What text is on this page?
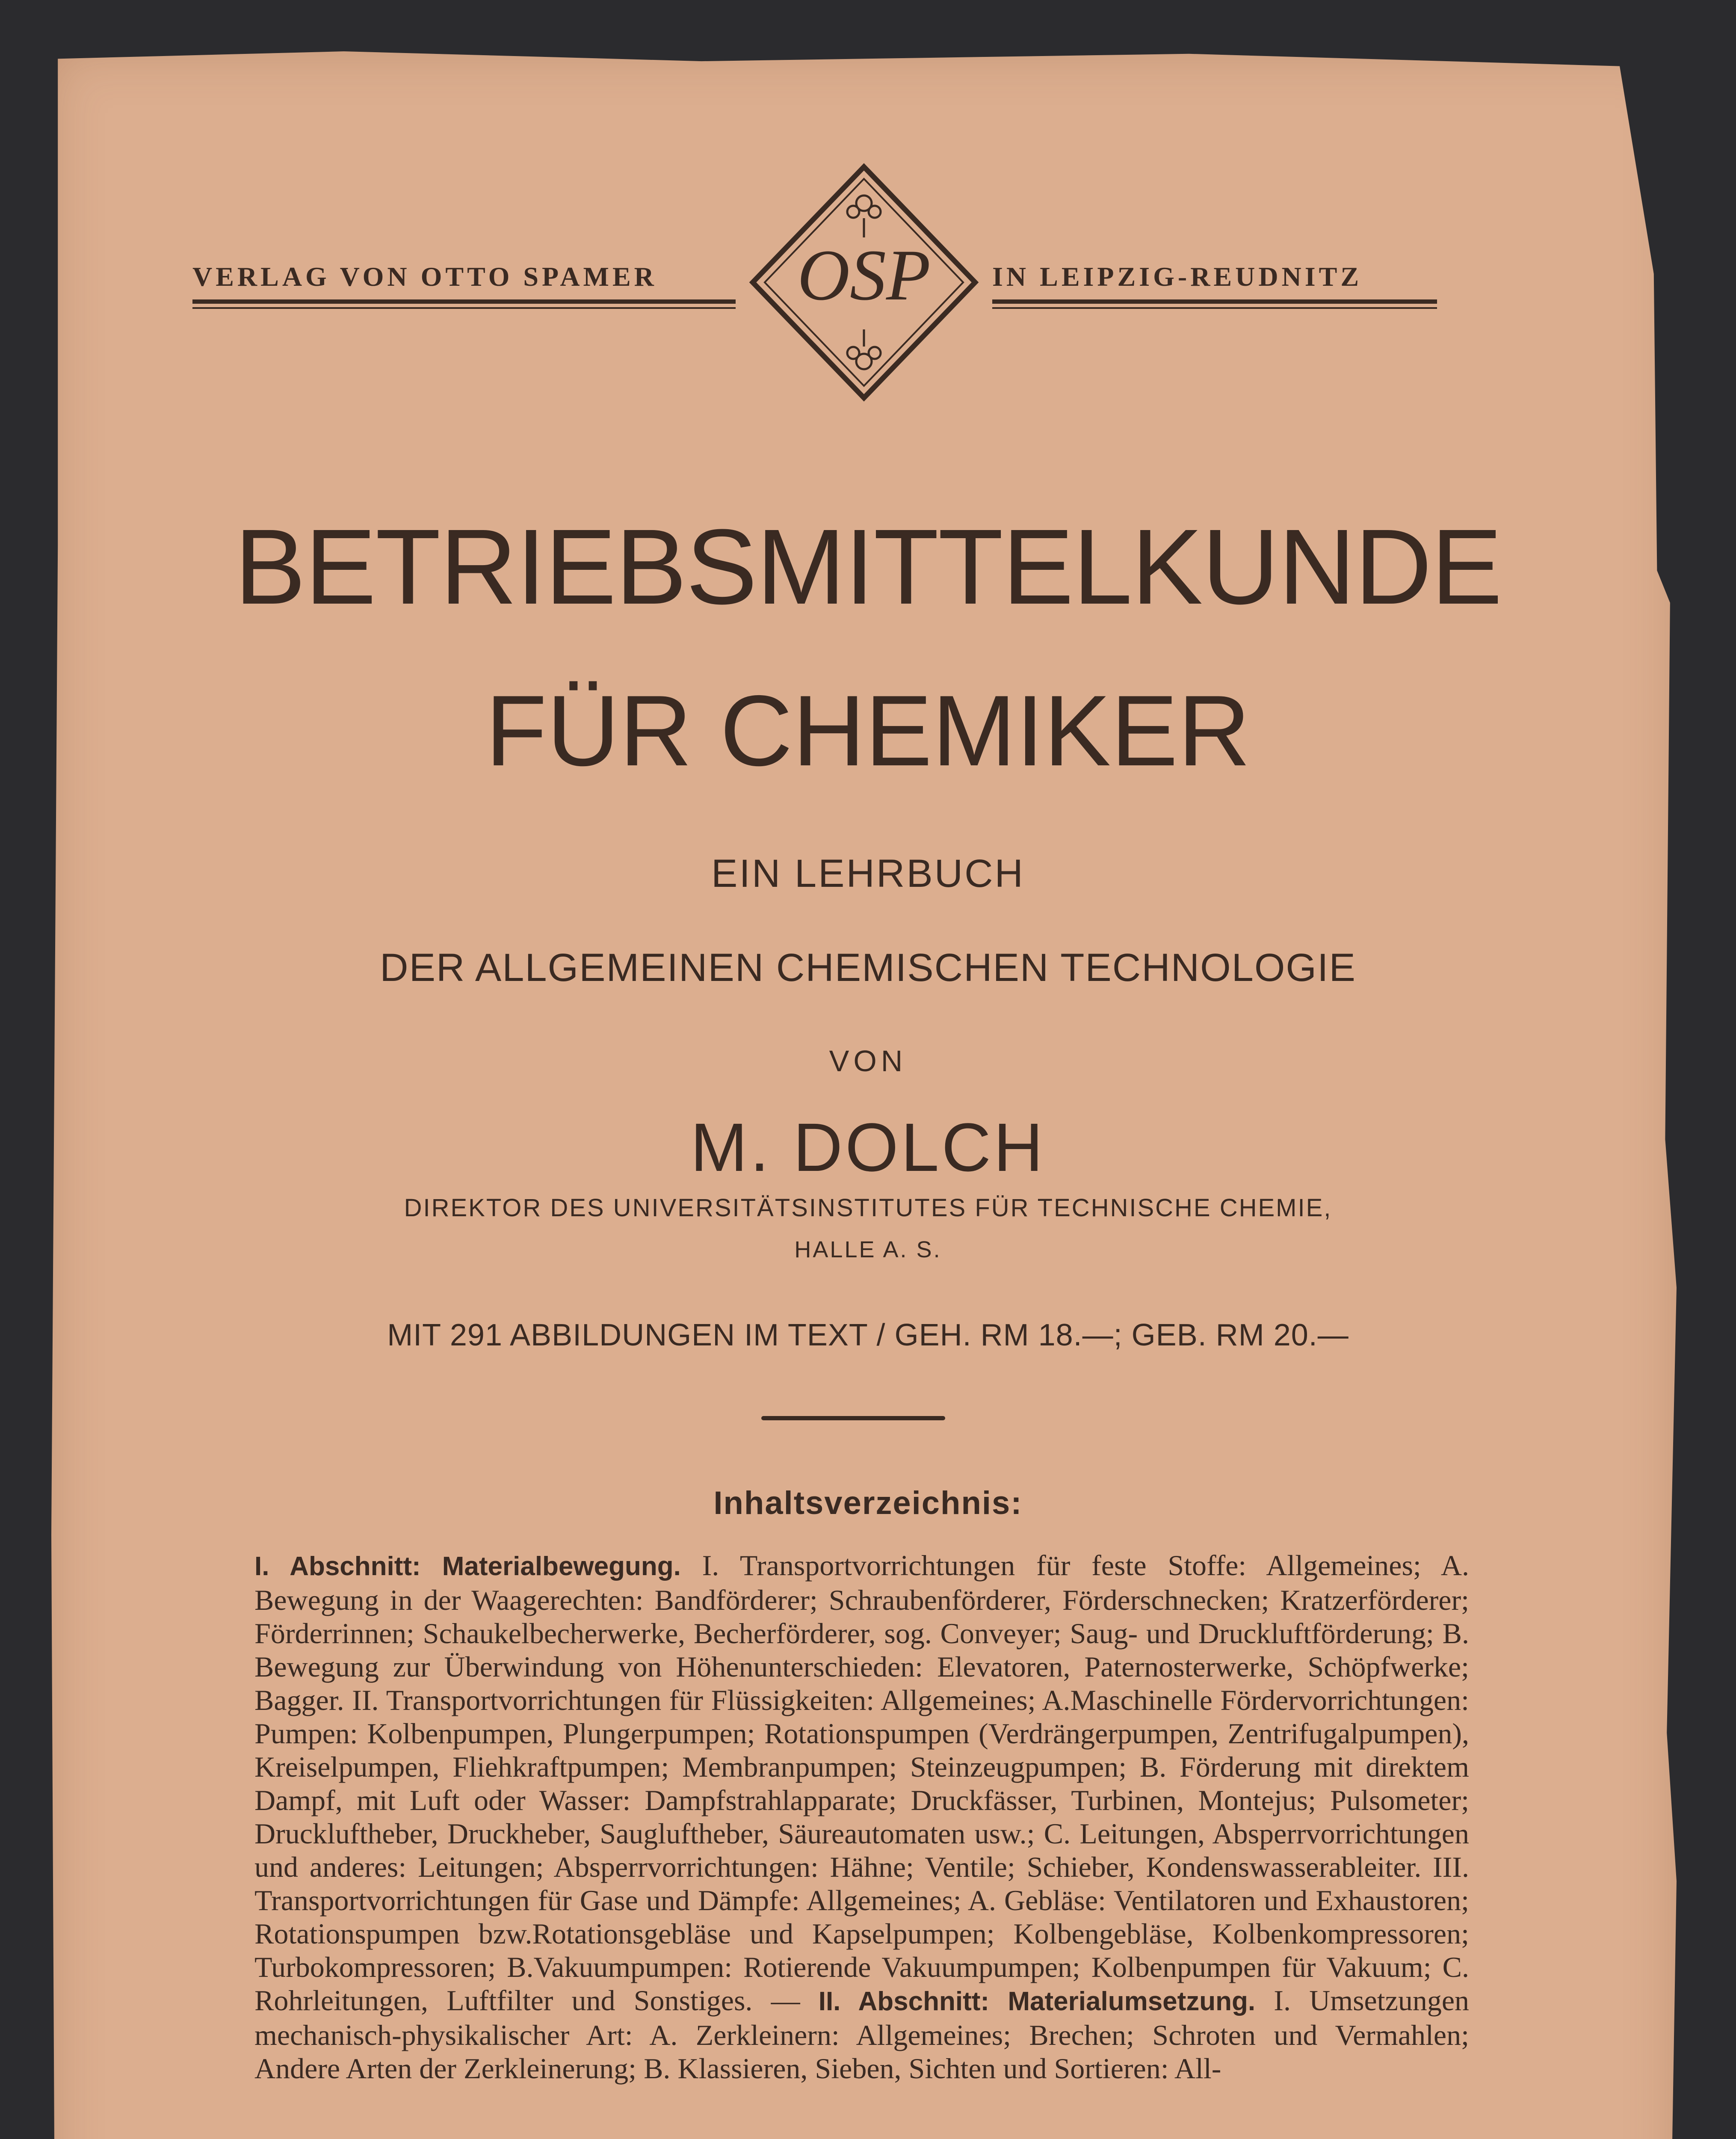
VERLAG VON OTTO SPAMER OSP IN LEIPZIG-REUDNITZ
BETRIEBSMITTELKUNDE
FÜR CHEMIKER
EIN LEHRBUCH
DER ALLGEMEINEN CHEMISCHEN TECHNOLOGIE
VON
M. DOLCH
DIREKTOR DES UNIVERSITÄTSINSTITUTES FÜR TECHNISCHE CHEMIE,
HALLE A. S.
MIT 291 ABBILDUNGEN IM TEXT / GEH. RM 18.—; GEB. RM 20.—
Inhaltsverzeichnis:
I. Abschnitt: Materialbewegung. I. Transportvorrichtungen für feste Stoffe: Allgemeines; A. Bewegung in der Waagerechten: Bandförderer; Schraubenförderer, Förderschnecken; Kratzerförderer; Förderrinnen; Schaukelbecherwerke, Becherförderer, sog. Conveyer; Saug- und Druckluftförderung; B. Bewegung zur Überwindung von Höhenunterschieden: Elevatoren, Paternosterwerke, Schöpfwerke; Bagger. II. Transportvorrichtungen für Flüssigkeiten: Allgemeines; A.Maschinelle Fördervorrichtungen: Pumpen: Kolbenpumpen, Plungerpumpen; Rotationspumpen (Verdrängerpumpen, Zentrifugalpumpen), Kreiselpumpen, Fliehkraftpumpen; Membranpumpen; Steinzeugpumpen; B. Förderung mit direktem Dampf, mit Luft oder Wasser: Dampfstrahlapparate; Druckfässer, Turbinen, Montejus; Pulsometer; Druckluftheber, Druckheber, Saugluftheber, Säureautomaten usw.; C. Leitungen, Absperrvorrichtungen und anderes: Leitungen; Absperrvorrichtungen: Hähne; Ventile; Schieber, Kondenswasserableiter. III. Transportvorrichtungen für Gase und Dämpfe: Allgemeines; A. Gebläse: Ventilatoren und Exhaustoren; Rotationspumpen bzw.Rotationsgebläse und Kapselpumpen; Kolbengebläse, Kolbenkompressoren; Turbokompressoren; B.Vakuumpumpen: Rotierende Vakuumpumpen; Kolbenpumpen für Vakuum; C. Rohrleitungen, Luftfilter und Sonstiges. — II. Abschnitt: Materialumsetzung. I. Umsetzungen mechanisch-physikalischer Art: A. Zerkleinern: Allgemeines; Brechen; Schroten und Vermahlen; Andere Arten der Zerkleinerung; B. Klassieren, Sieben, Sichten und Sortieren: All-
